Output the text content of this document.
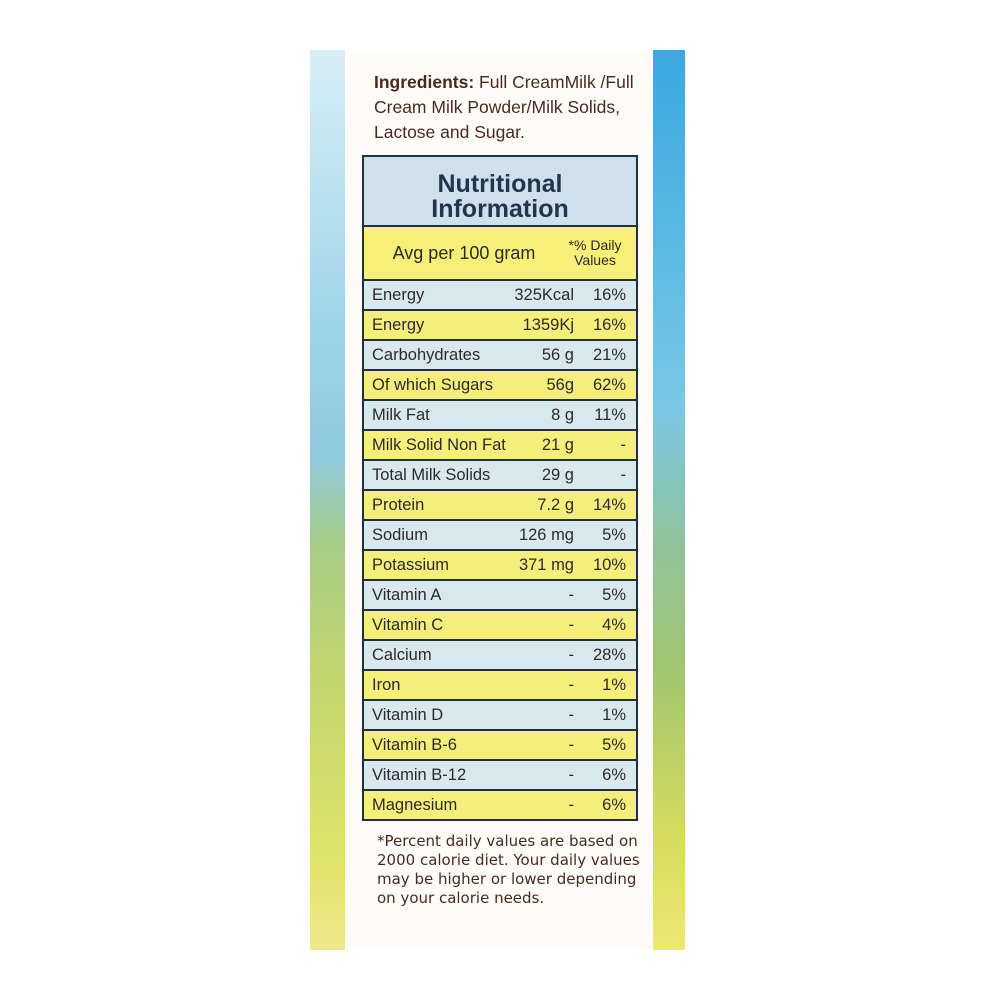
Ingredients: Full CreamMilk /Full Cream Milk Powder/Milk Solids, Lactose and Sugar.
Nutritional
Information
Avg per 100 gram	*% Daily
Values
Energy	325Kcal	16%
Energy	1359Kj	16%
Carbohydrates	56 g	21%
Of which Sugars	56g	62%
Milk Fat	8 g	11%
Milk Solid Non Fat	21 g	-
Total Milk Solids	29 g	-
Protein	7.2 g	14%
Sodium	126 mg	5%
Potassium	371 mg	10%
Vitamin A	-	5%
Vitamin C	-	4%
Calcium	-	28%
Iron	-	1%
Vitamin D	-	1%
Vitamin B-6	-	5%
Vitamin B-12	-	6%
Magnesium	-	6%
*Percent daily values are based on 2000 calorie diet. Your daily values may be higher or lower depending on your calorie needs.
